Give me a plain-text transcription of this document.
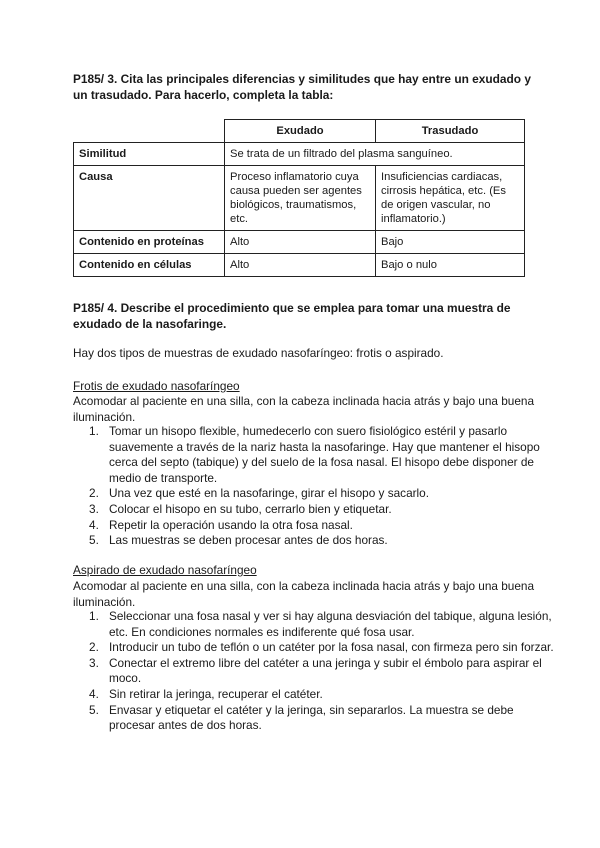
P185/ 3. Cita las principales diferencias y similitudes que hay entre un exudado y un trasudado. Para hacerlo, completa la tabla:

	Exudado	Trasudado
Similitud	Se trata de un filtrado del plasma sanguíneo.	
Causa	Proceso inflamatorio cuya causa pueden ser agentes biológicos, traumatismos, etc.	Insuficiencias cardiacas, cirrosis hepática, etc. (Es de origen vascular, no inflamatorio.)
Contenido en proteínas	Alto	Bajo
Contenido en células	Alto	Bajo o nulo

P185/ 4. Describe el procedimiento que se emplea para tomar una muestra de exudado de la nasofaringe.

Hay dos tipos de muestras de exudado nasofaríngeo: frotis o aspirado.

Frotis de exudado nasofaríngeo

Acomodar al paciente en una silla, con la cabeza inclinada hacia atrás y bajo una buena iluminación.

Tomar un hisopo flexible, humedecerlo con suero fisiológico estéril y pasarlo suavemente a través de la nariz hasta la nasofaringe. Hay que mantener el hisopo cerca del septo (tabique) y del suelo de la fosa nasal. El hisopo debe disponer de medio de transporte.
Una vez que esté en la nasofaringe, girar el hisopo y sacarlo.
Colocar el hisopo en su tubo, cerrarlo bien y etiquetar.
Repetir la operación usando la otra fosa nasal.
Las muestras se deben procesar antes de dos horas.

Aspirado de exudado nasofaríngeo

Acomodar al paciente en una silla, con la cabeza inclinada hacia atrás y bajo una buena iluminación.

Seleccionar una fosa nasal y ver si hay alguna desviación del tabique, alguna lesión, etc. En condiciones normales es indiferente qué fosa usar.
Introducir un tubo de teflón o un catéter por la fosa nasal, con firmeza pero sin forzar.
Conectar el extremo libre del catéter a una jeringa y subir el émbolo para aspirar el moco.
Sin retirar la jeringa, recuperar el catéter.
Envasar y etiquetar el catéter y la jeringa, sin separarlos. La muestra se debe procesar antes de dos horas.
